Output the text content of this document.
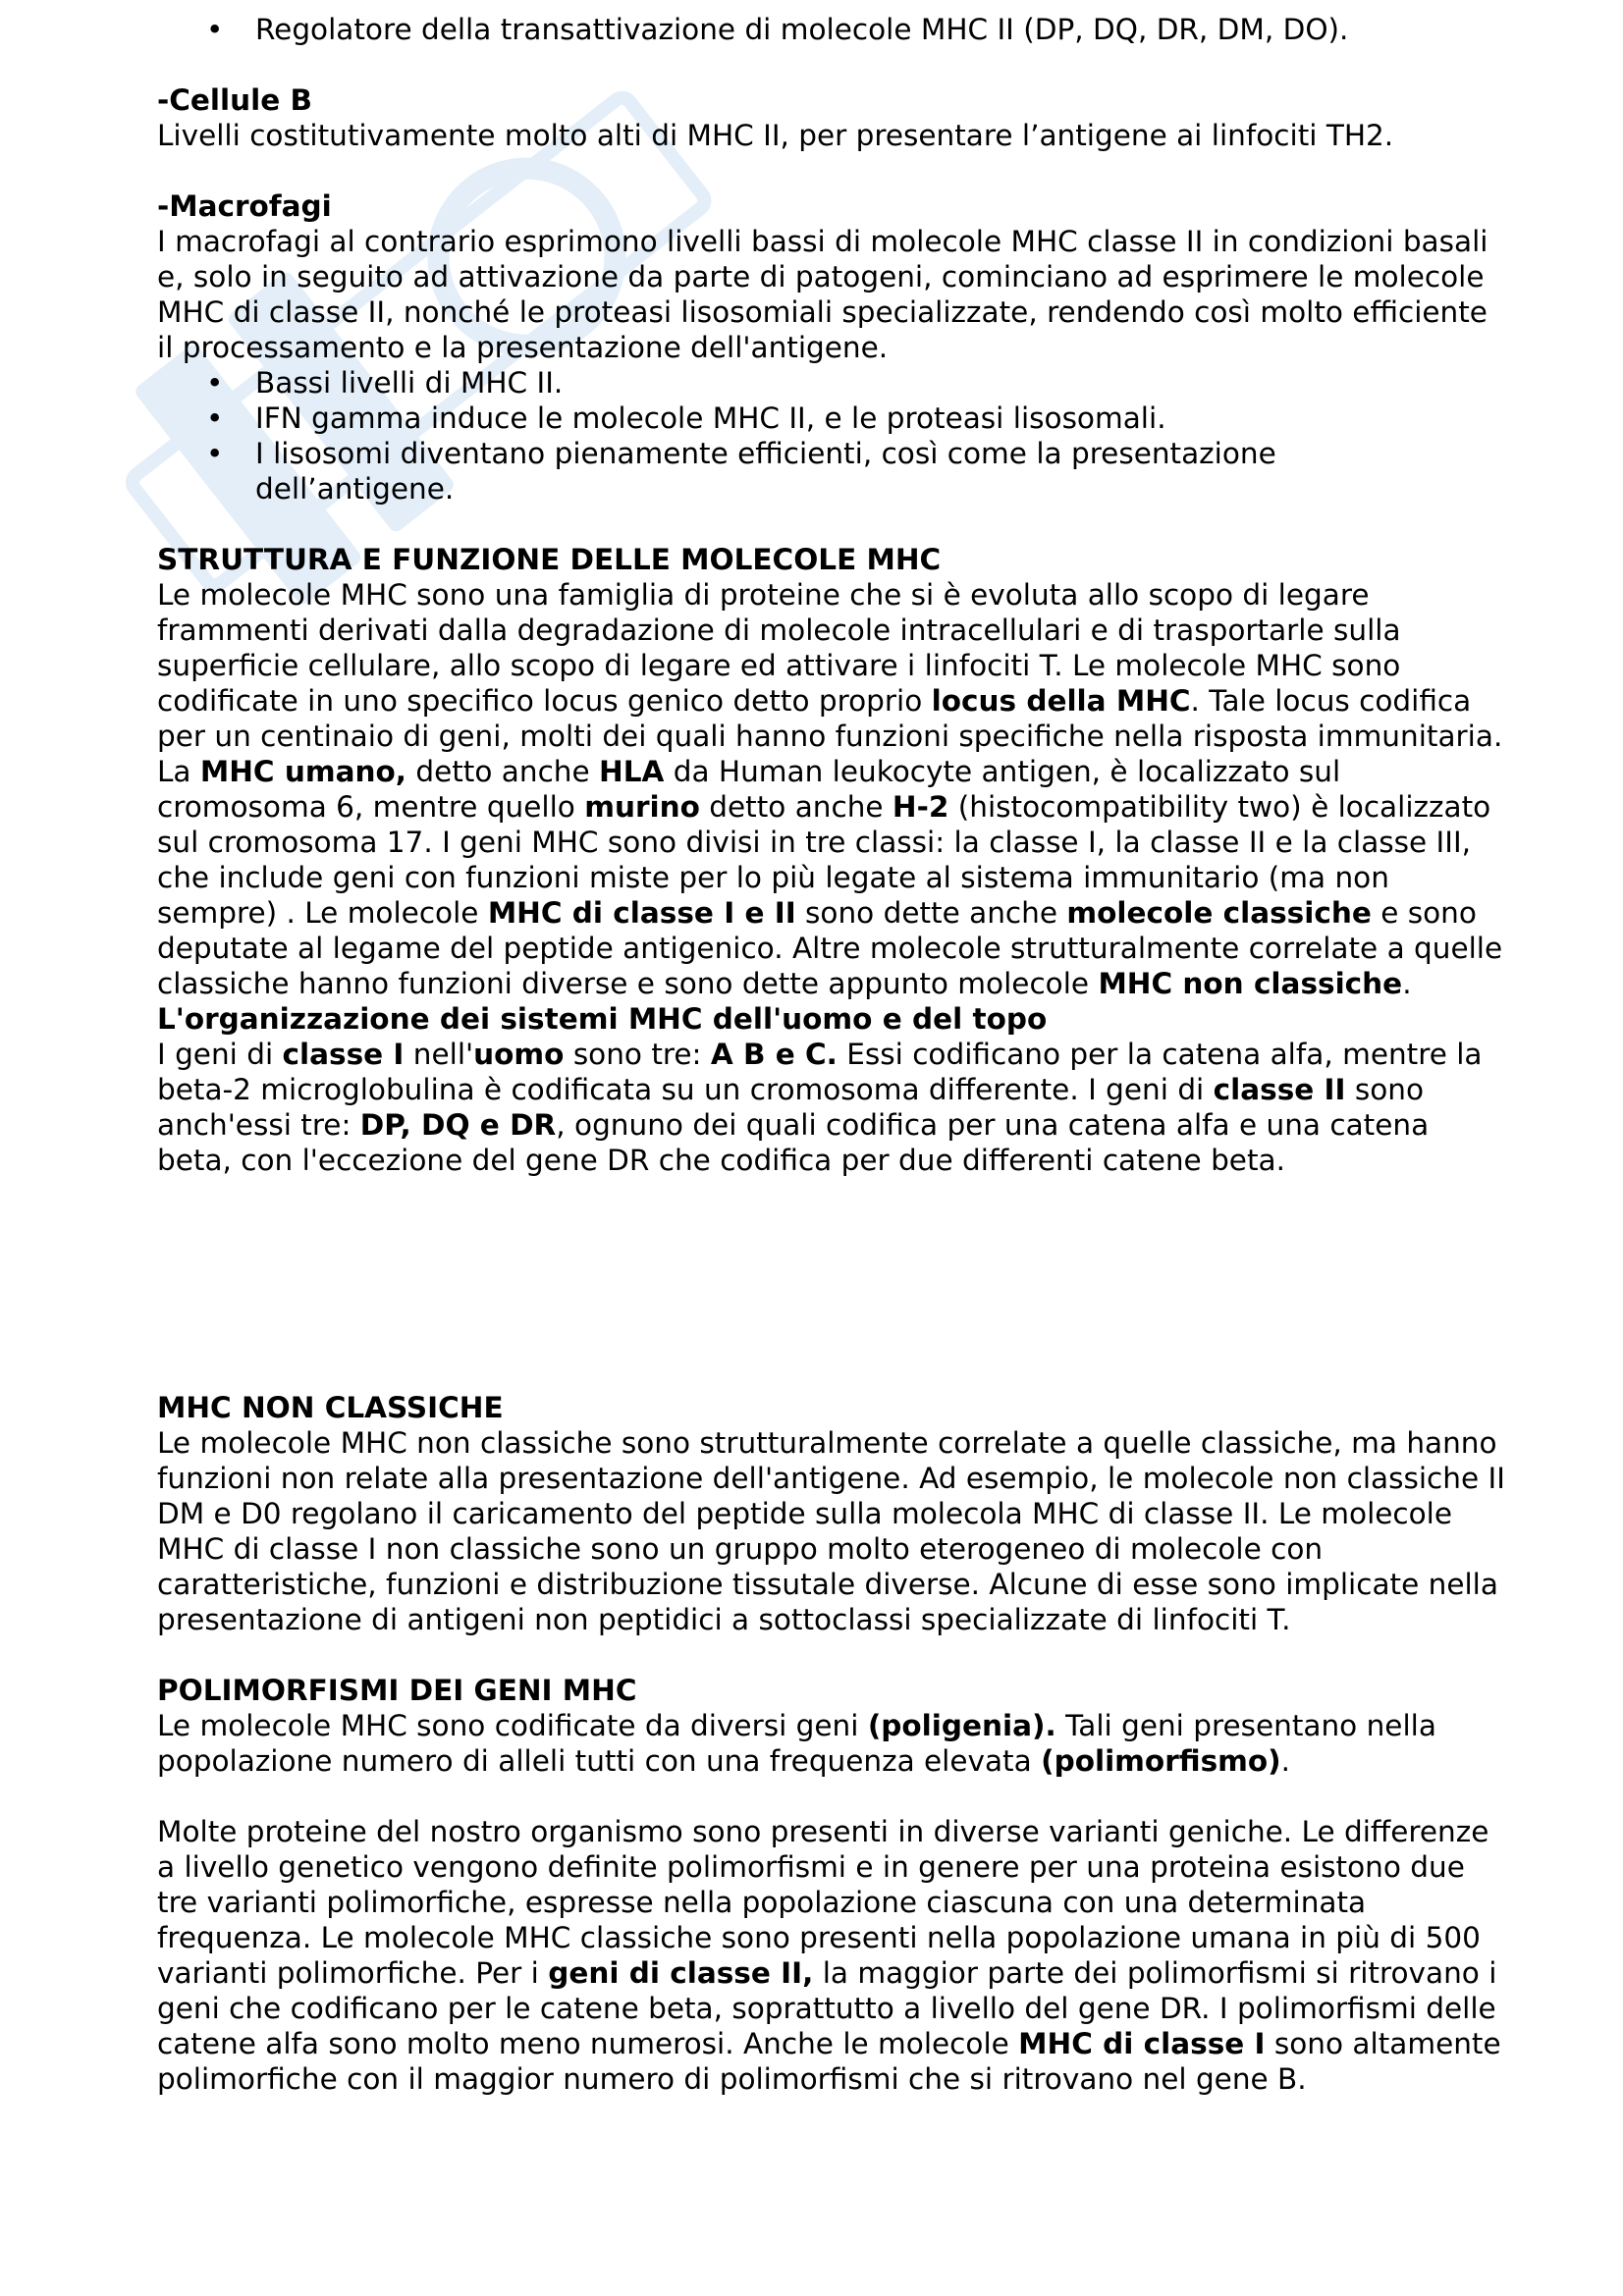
• Regolatore della transattivazione di molecole MHC II (DP, DQ, DR, DM, DO).

-Cellule B

Livelli costitutivamente molto alti di MHC II, per presentare l’antigene ai linfociti TH2.

-Macrofagi

I macrofagi al contrario esprimono livelli bassi di molecole MHC classe II in condizioni basali e, solo in seguito ad attivazione da parte di patogeni, cominciano ad esprimere le molecole MHC di classe II, nonché le proteasi lisosomiali specializzate, rendendo così molto efficiente il processamento e la presentazione dell'antigene.

• Bassi livelli di MHC II.
• IFN gamma induce le molecole MHC II, e le proteasi lisosomali.
• I lisosomi diventano pienamente efficienti, così come la presentazione dell’antigene.

STRUTTURA E FUNZIONE DELLE MOLECOLE MHC

Le molecole MHC sono una famiglia di proteine che si è evoluta allo scopo di legare frammenti derivati dalla degradazione di molecole intracellulari e di trasportarle sulla superficie cellulare, allo scopo di legare ed attivare i linfociti T. Le molecole MHC sono codificate in uno specifico locus genico detto proprio locus della MHC. Tale locus codifica per un centinaio di geni, molti dei quali hanno funzioni specifiche nella risposta immunitaria. La MHC umano, detto anche HLA da Human leukocyte antigen, è localizzato sul cromosoma 6, mentre quello murino detto anche H-2 (histocompatibility two) è localizzato sul cromosoma 17. I geni MHC sono divisi in tre classi: la classe I, la classe II e la classe III, che include geni con funzioni miste per lo più legate al sistema immunitario (ma non sempre) . Le molecole MHC di classe I e II sono dette anche molecole classiche e sono deputate al legame del peptide antigenico. Altre molecole strutturalmente correlate a quelle classiche hanno funzioni diverse e sono dette appunto molecole MHC non classiche.

L'organizzazione dei sistemi MHC dell'uomo e del topo

I geni di classe I nell'uomo sono tre: A B e C. Essi codificano per la catena alfa, mentre la beta-2 microglobulina è codificata su un cromosoma differente. I geni di classe II sono anch'essi tre: DP, DQ e DR, ognuno dei quali codifica per una catena alfa e una catena beta, con l'eccezione del gene DR che codifica per due differenti catene beta.

MHC NON CLASSICHE

Le molecole MHC non classiche sono strutturalmente correlate a quelle classiche, ma hanno funzioni non relate alla presentazione dell'antigene. Ad esempio, le molecole non classiche II DM e D0 regolano il caricamento del peptide sulla molecola MHC di classe II. Le molecole MHC di classe I non classiche sono un gruppo molto eterogeneo di molecole con caratteristiche, funzioni e distribuzione tissutale diverse. Alcune di esse sono implicate nella presentazione di antigeni non peptidici a sottoclassi specializzate di linfociti T.

POLIMORFISMI DEI GENI MHC

Le molecole MHC sono codificate da diversi geni (poligenia). Tali geni presentano nella popolazione numero di alleli tutti con una frequenza elevata (polimorfismo).

Molte proteine del nostro organismo sono presenti in diverse varianti geniche. Le differenze a livello genetico vengono definite polimorfismi e in genere per una proteina esistono due tre varianti polimorfiche, espresse nella popolazione ciascuna con una determinata frequenza. Le molecole MHC classiche sono presenti nella popolazione umana in più di 500 varianti polimorfiche. Per i geni di classe II, la maggior parte dei polimorfismi si ritrovano i geni che codificano per le catene beta, soprattutto a livello del gene DR. I polimorfismi delle catene alfa sono molto meno numerosi. Anche le molecole MHC di classe I sono altamente polimorfiche con il maggior numero di polimorfismi che si ritrovano nel gene B.
